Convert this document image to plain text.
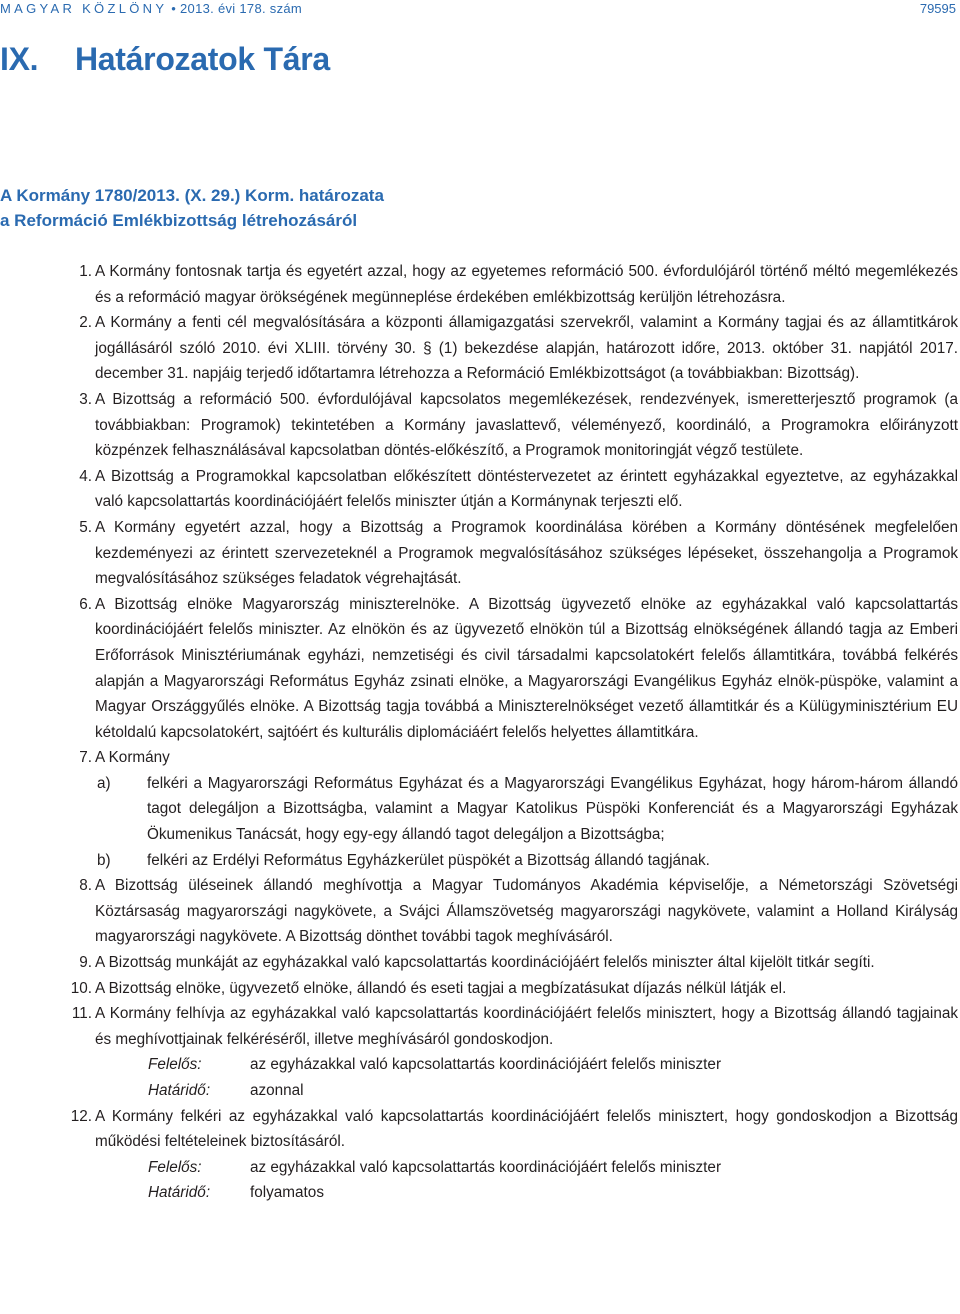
MAGYAR KÖZLÖNY • 2013. évi 178. szám	79595
IX. Határozatok Tára
A Kormány 1780/2013. (X. 29.) Korm. határozata
a Reformáció Emlékbizottság létrehozásáról
1. A Kormány fontosnak tartja és egyetért azzal, hogy az egyetemes reformáció 500. évfordulójáról történő méltó megemlékezés és a reformáció magyar örökségének megünneplése érdekében emlékbizottság kerüljön létrehozásra.
2. A Kormány a fenti cél megvalósítására a központi államigazgatási szervekről, valamint a Kormány tagjai és az államtitkárok jogállásáról szóló 2010. évi XLIII. törvény 30. § (1) bekezdése alapján, határozott időre, 2013. október 31. napjától 2017. december 31. napjáig terjedő időtartamra létrehozza a Reformáció Emlékbizottságot (a továbbiakban: Bizottság).
3. A Bizottság a reformáció 500. évfordulójával kapcsolatos megemlékezések, rendezvények, ismeretterjesztő programok (a továbbiakban: Programok) tekintetében a Kormány javaslattevő, véleményező, koordináló, a Programokra előirányzott közpénzek felhasználásával kapcsolatban döntés-előkészítő, a Programok monitoringját végző testülete.
4. A Bizottság a Programokkal kapcsolatban előkészített döntéstervezetet az érintett egyházakkal egyeztetve, az egyházakkal való kapcsolattartás koordinációjáért felelős miniszter útján a Kormánynak terjeszti elő.
5. A Kormány egyetért azzal, hogy a Bizottság a Programok koordinálása körében a Kormány döntésének megfelelően kezdeményezi az érintett szervezeteknél a Programok megvalósításához szükséges lépéseket, összehangolja a Programok megvalósításához szükséges feladatok végrehajtását.
6. A Bizottság elnöke Magyarország miniszterelnöke. A Bizottság ügyvezető elnöke az egyházakkal való kapcsolattartás koordinációjáért felelős miniszter. Az elnökön és az ügyvezető elnökön túl a Bizottság elnökségének állandó tagja az Emberi Erőforrások Minisztériumának egyházi, nemzetiségi és civil társadalmi kapcsolatokért felelős államtitkára, továbbá felkérés alapján a Magyarországi Református Egyház zsinati elnöke, a Magyarországi Evangélikus Egyház elnök-püspöke, valamint a Magyar Országgyűlés elnöke. A Bizottság tagja továbbá a Miniszterelnökséget vezető államtitkár és a Külügyminisztérium EU kétoldalú kapcsolatokért, sajtóért és kulturális diplomáciáért felelős helyettes államtitkára.
7. A Kormány
a)	felkéri a Magyarországi Református Egyházat és a Magyarországi Evangélikus Egyházat, hogy három-három állandó tagot delegáljon a Bizottságba, valamint a Magyar Katolikus Püspöki Konferenciát és a Magyarországi Egyházak Ökumenikus Tanácsát, hogy egy-egy állandó tagot delegáljon a Bizottságba;
b)	felkéri az Erdélyi Református Egyházkerület püspökét a Bizottság állandó tagjának.
8. A Bizottság üléseinek állandó meghívottja a Magyar Tudományos Akadémia képviselője, a Németországi Szövetségi Köztársaság magyarországi nagykövete, a Svájci Államszövetség magyarországi nagykövete, valamint a Holland Királyság magyarországi nagykövete. A Bizottság dönthet további tagok meghívásáról.
9. A Bizottság munkáját az egyházakkal való kapcsolattartás koordinációjáért felelős miniszter által kijelölt titkár segíti.
10. A Bizottság elnöke, ügyvezető elnöke, állandó és eseti tagjai a megbízatásukat díjazás nélkül látják el.
11. A Kormány felhívja az egyházakkal való kapcsolattartás koordinációjáért felelős minisztert, hogy a Bizottság állandó tagjainak és meghívottjainak felkéréséről, illetve meghívásáról gondoskodjon.
Felelős:	az egyházakkal való kapcsolattartás koordinációjáért felelős miniszter
Határidő:	azonnal
12. A Kormány felkéri az egyházakkal való kapcsolattartás koordinációjáért felelős minisztert, hogy gondoskodjon a Bizottság működési feltételeinek biztosításáról.
Felelős:	az egyházakkal való kapcsolattartás koordinációjáért felelős miniszter
Határidő:	folyamatos
